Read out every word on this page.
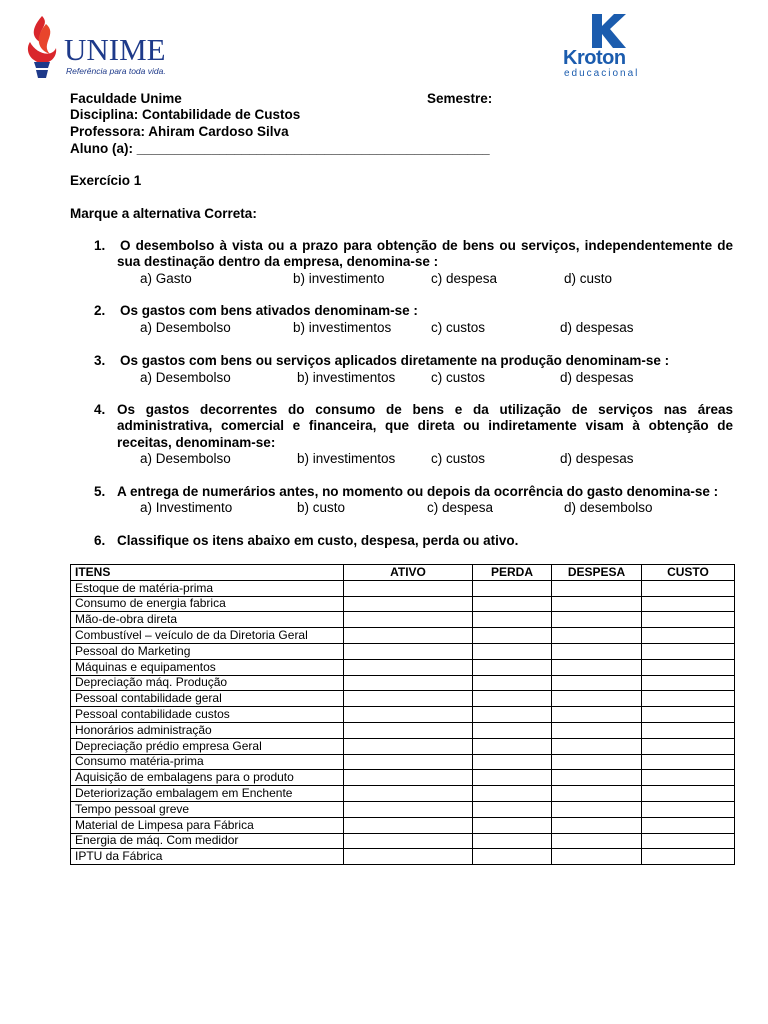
UNIME
Referência para toda vida.
Kroton
educacional
Faculdade Unime	Semestre:
Disciplina: Contabilidade de Custos
Professora: Ahiram Cardoso Silva
Aluno (a): _______________________________________________
Exercício 1
Marque a alternativa Correta:
1. O desembolso à vista ou a prazo para obtenção de bens ou serviços, independentemente de sua destinação dentro da empresa, denomina-se :
a) Gasto	b) investimento	c) despesa	d) custo
2. Os gastos com bens ativados denominam-se :
a) Desembolso	b) investimentos	c) custos	d) despesas
3. Os gastos com bens ou serviços aplicados diretamente na produção denominam-se :
a) Desembolso	b) investimentos	c) custos	d) despesas
4. Os gastos decorrentes do consumo de bens e da utilização de serviços nas áreas administrativa, comercial e financeira, que direta ou indiretamente visam à obtenção de receitas, denominam-se:
a) Desembolso	b) investimentos	c) custos	d) despesas
5. A entrega de numerários antes, no momento ou depois da ocorrência do gasto denomina-se :
a) Investimento	b) custo	c) despesa	d) desembolso
6. Classifique os itens abaixo em custo, despesa, perda ou ativo.
ITENS	ATIVO	PERDA	DESPESA	CUSTO
Estoque de matéria-prima				
Consumo de energia fabrica				
Mão-de-obra direta				
Combustível – veículo de da Diretoria Geral				
Pessoal do Marketing				
Máquinas e equipamentos				
Depreciação máq. Produção				
Pessoal contabilidade geral				
Pessoal contabilidade custos				
Honorários administração				
Depreciação prédio empresa Geral				
Consumo matéria-prima				
Aquisição de embalagens para o produto				
Deteriorização embalagem em Enchente				
Tempo pessoal greve				
Material de Limpesa para Fábrica				
Energia de máq. Com medidor				
IPTU da Fábrica				
